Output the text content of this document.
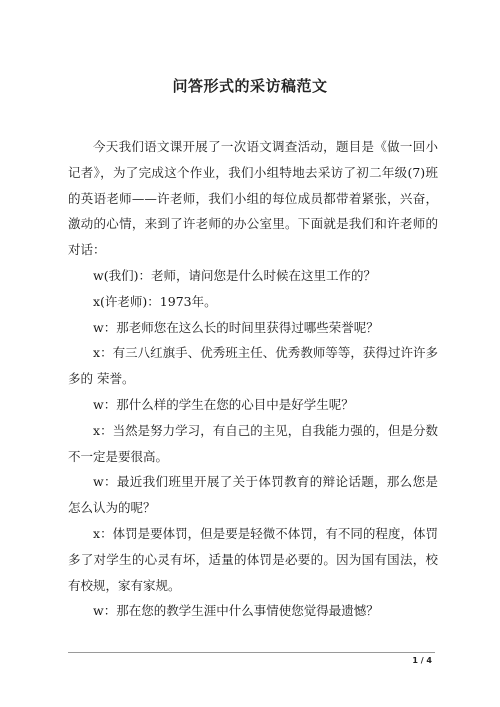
问答形式的采访稿范文

今天我们语文课开展了一次语文调查活动，题目是《做一回小记者》，为了完成这个作业，我们小组特地去采访了初二年级(7)班的英语老师——许老师，我们小组的每位成员都带着紧张，兴奋，激动的心情，来到了许老师的办公室里。下面就是我们和许老师的对话：

w(我们)：老师，请问您是什么时候在这里工作的？

x(许老师)：1973年。

w：那老师您在这么长的时间里获得过哪些荣誉呢？

x：有三八红旗手、优秀班主任、优秀教师等等，获得过许许多多的 荣誉。

w：那什么样的学生在您的心目中是好学生呢？

x：当然是努力学习，有自己的主见，自我能力强的，但是分数不一定是要很高。

w：最近我们班里开展了关于体罚教育的辩论话题，那么您是怎么认为的呢？

x：体罚是要体罚，但是要是轻微不体罚，有不同的程度，体罚多了对学生的心灵有坏，适量的体罚是必要的。因为国有国法，校有校规，家有家规。

w：那在您的教学生涯中什么事情使您觉得最遗憾？

1 / 4
